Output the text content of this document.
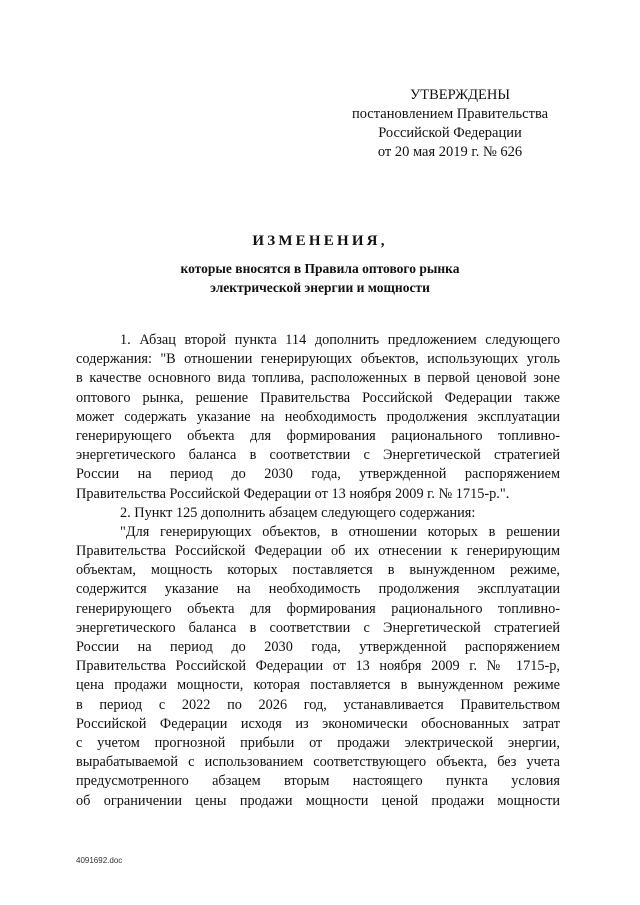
УТВЕРЖДЕНЫ
постановлением Правительства
Российской Федерации
от 20 мая 2019 г. № 626
ИЗМЕНЕНИЯ,
которые вносятся в Правила оптового рынка
электрической энергии и мощности
1. Абзац второй пункта 114 дополнить предложением следующего
содержания: "В отношении генерирующих объектов, использующих уголь
в качестве основного вида топлива, расположенных в первой ценовой зоне
оптового рынка, решение Правительства Российской Федерации также
может содержать указание на необходимость продолжения эксплуатации
генерирующего объекта для формирования рационального топливно-
энергетического баланса в соответствии с Энергетической стратегией
России на период до 2030 года, утвержденной распоряжением
Правительства Российской Федерации от 13 ноября 2009 г. № 1715-р.".
2. Пункт 125 дополнить абзацем следующего содержания:
"Для генерирующих объектов, в отношении которых в решении
Правительства Российской Федерации об их отнесении к генерирующим
объектам, мощность которых поставляется в вынужденном режиме,
содержится указание на необходимость продолжения эксплуатации
генерирующего объекта для формирования рационального топливно-
энергетического баланса в соответствии с Энергетической стратегией
России на период до 2030 года, утвержденной распоряжением
Правительства Российской Федерации от 13 ноября 2009 г. № 1715-р,
цена продажи мощности, которая поставляется в вынужденном режиме
в период с 2022 по 2026 год, устанавливается Правительством
Российской Федерации исходя из экономически обоснованных затрат
с учетом прогнозной прибыли от продажи электрической энергии,
вырабатываемой с использованием соответствующего объекта, без учета
предусмотренного абзацем вторым настоящего пункта условия
об ограничении цены продажи мощности ценой продажи мощности
4091692.doc
